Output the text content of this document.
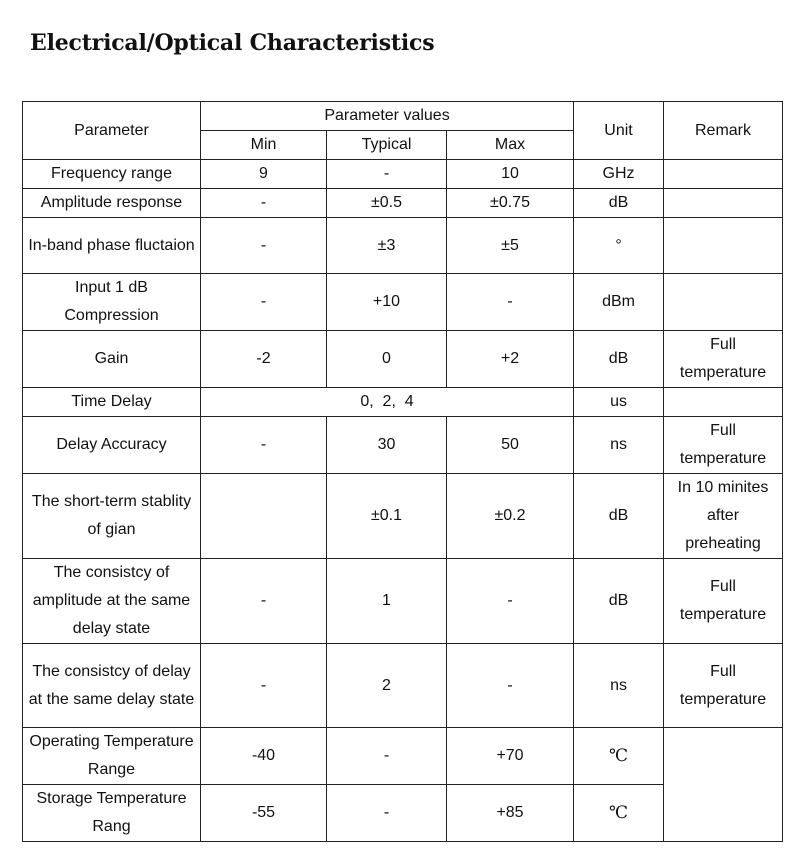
Electrical/Optical Characteristics
Parameter	Parameter values			Unit	Remark
	Min	Typical	Max		
Frequency range	9	-	10	GHz	
Amplitude response	-	±0.5	±0.75	dB	
In-band phase fluctaion	-	±3	±5	°	
Input 1 dB Compression	-	+10	-	dBm	
Gain	-2	0	+2	dB	Full temperature
Time Delay	0,  2,  4			us	
Delay Accuracy	-	30	50	ns	Full temperature
The short-term stablity of gian		±0.1	±0.2	dB	In 10 minites after preheating
The consistcy of amplitude at the same delay state	-	1	-	dB	Full temperature
The consistcy of delay at the same delay state	-	2	-	ns	Full temperature
Operating Temperature Range	-40	-	+70	℃	
Storage Temperature Rang	-55	-	+85	℃	
